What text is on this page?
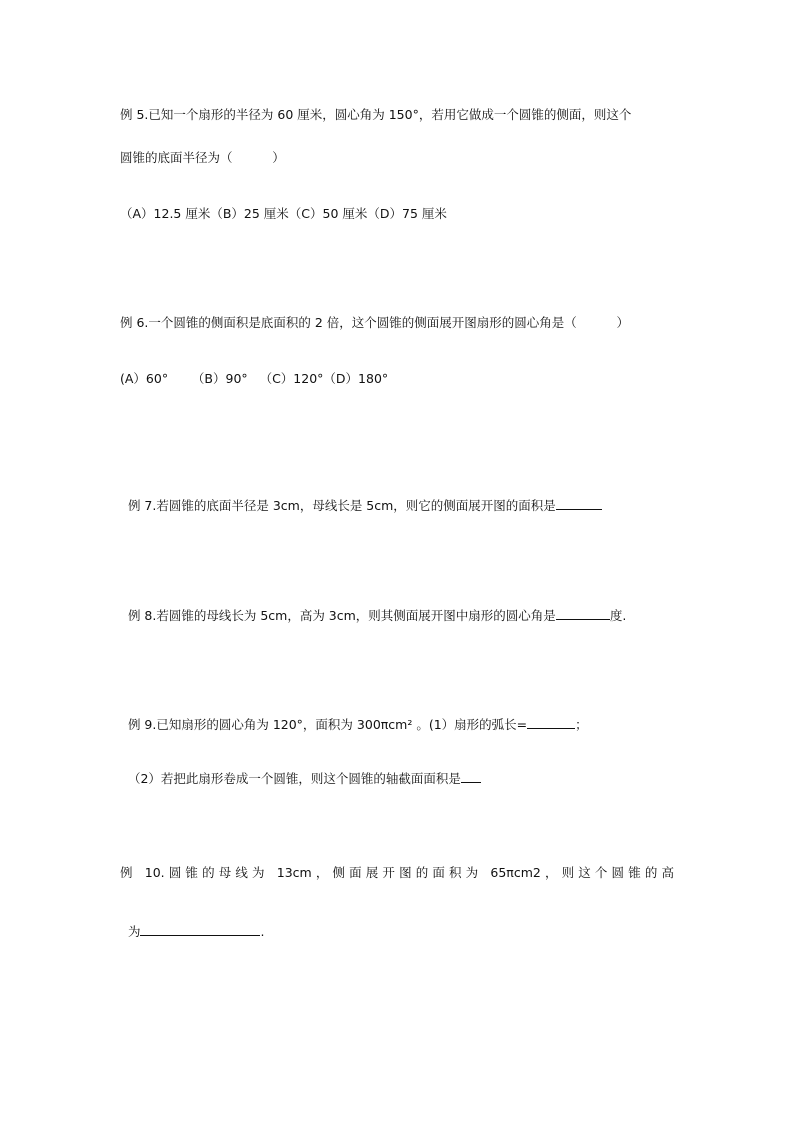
例 5.已知一个扇形的半径为 60 厘米，圆心角为 150°，若用它做成一个圆锥的侧面，则这个
圆锥的底面半径为（          ）
（A）12.5 厘米（B）25 厘米（C）50 厘米（D）75 厘米
例 6.一个圆锥的侧面积是底面积的 2 倍，这个圆锥的侧面展开图扇形的圆心角是（          ）
(A）60°      （B）90°   （C）120°（D）180°

例 7.若圆锥的底面半径是 3cm，母线长是 5cm，则它的侧面展开图的面积是

例 8.若圆锥的母线长为 5cm，高为 3cm，则其侧面展开图中扇形的圆心角是	度.

例 9.已知扇形的圆心角为 120°，面积为 300πcm² 。(1）扇形的弧长=	；

（2）若把此扇形卷成一个圆锥，则这个圆锥的轴截面面积是

例 10.圆锥的母线为 13cm，侧面展开图的面积为 65πcm2，则这个圆锥的高

为	.
